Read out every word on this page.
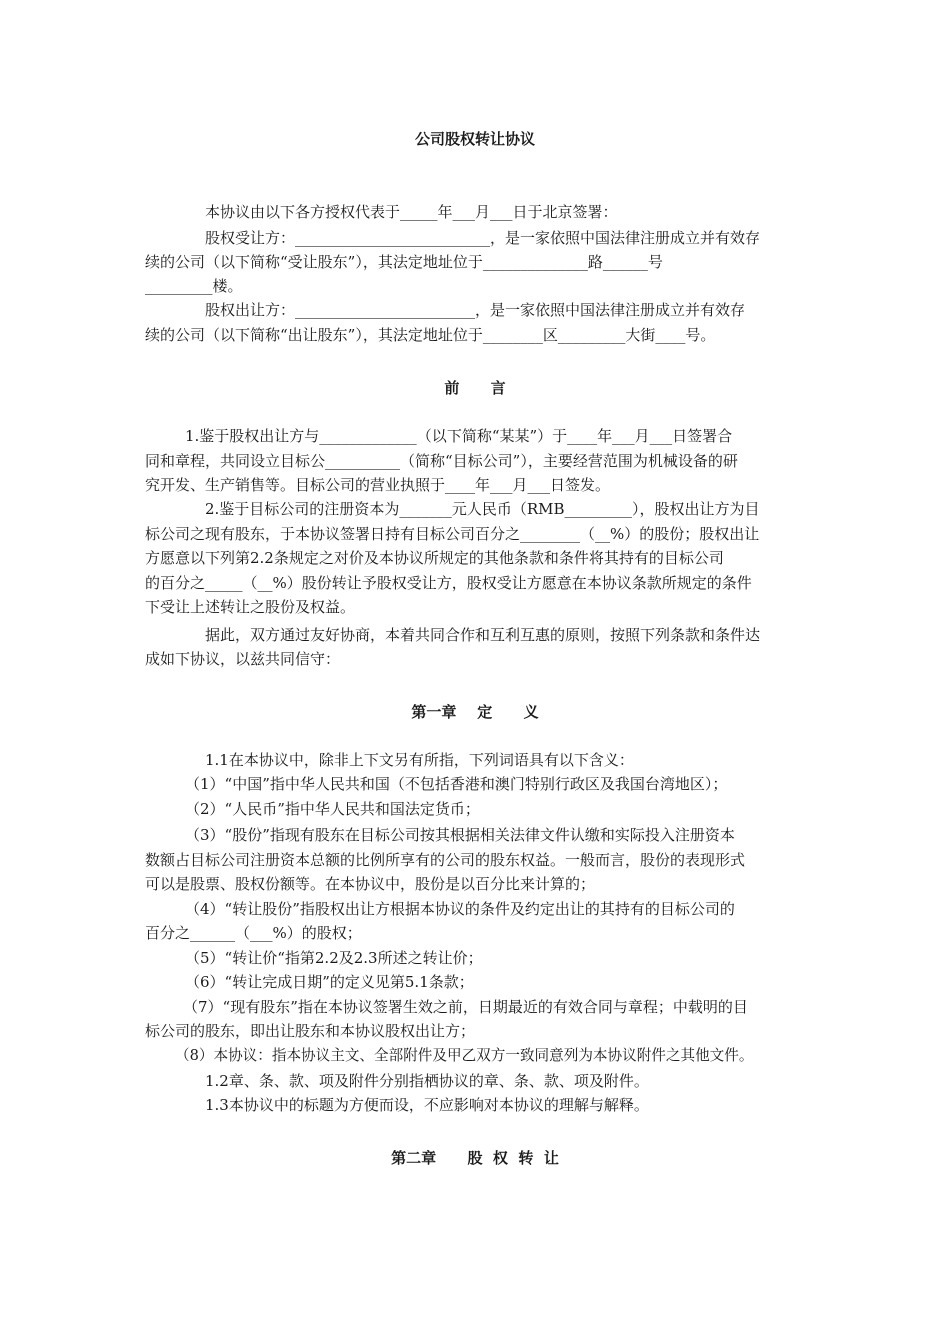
公司股权转让协议
本协议由以下各方授权代表于_____年___月___日于北京签署：
股权受让方：__________________________，是一家依照中国法律注册成立并有效存
续的公司（以下简称“受让股东”），其法定地址位于______________路______号
_________楼。
股权出让方：________________________，是一家依照中国法律注册成立并有效存
续的公司（以下简称“出让股东”），其法定地址位于________区_________大街____号。
前      言
1.鉴于股权出让方与_____________（以下简称“某某”）于____年___月___日签署合
同和章程，共同设立目标公__________（简称“目标公司”），主要经营范围为机械设备的研
究开发、生产销售等。目标公司的营业执照于____年___月___日签发。
2.鉴于目标公司的注册资本为_______元人民币（RMB_________），股权出让方为目
标公司之现有股东，于本协议签署日持有目标公司百分之________（__%）的股份；股权出让
方愿意以下列第2.2条规定之对价及本协议所规定的其他条款和条件将其持有的目标公司
的百分之_____（__%）股份转让予股权受让方，股权受让方愿意在本协议条款所规定的条件
下受让上述转让之股份及权益。
据此，双方通过友好协商，本着共同合作和互利互惠的原则，按照下列条款和条件达
成如下协议，以兹共同信守：
第一章    定      义
1.1在本协议中，除非上下文另有所指，下列词语具有以下含义：
（1）“中国”指中华人民共和国（不包括香港和澳门特别行政区及我国台湾地区）；
（2）“人民币”指中华人民共和国法定货币；
（3）“股份”指现有股东在目标公司按其根据相关法律文件认缴和实际投入注册资本
数额占目标公司注册资本总额的比例所享有的公司的股东权益。一般而言，股份的表现形式
可以是股票、股权份额等。在本协议中，股份是以百分比来计算的；
（4）“转让股份”指股权出让方根据本协议的条件及约定出让的其持有的目标公司的
百分之______（___%）的股权；
（5）“转让价“指第2.2及2.3所述之转让价；
（6）“转让完成日期”的定义见第5.1条款；
（7）“现有股东”指在本协议签署生效之前，日期最近的有效合同与章程；中载明的目
标公司的股东，即出让股东和本协议股权出让方；
（8）本协议：指本协议主文、全部附件及甲乙双方一致同意列为本协议附件之其他文件。
1.2章、条、款、项及附件分别指栖协议的章、条、款、项及附件。
1.3本协议中的标题为方便而设，不应影响对本协议的理解与解释。
第二章      股  权  转  让
